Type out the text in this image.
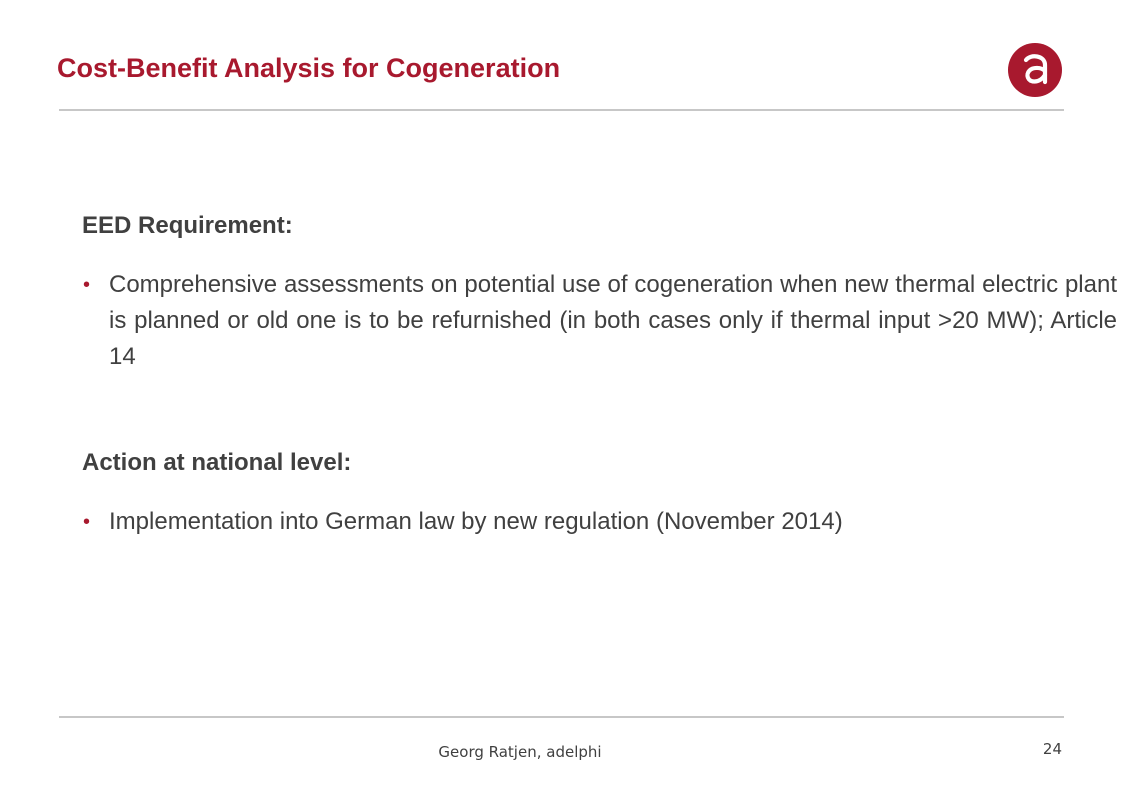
Cost-Benefit Analysis for Cogeneration
EED Requirement:
• Comprehensive assessments on potential use of cogeneration when new thermal electric plant is planned or old one is to be refurnished (in both cases only if thermal input >20 MW); Article 14
Action at national level:
• Implementation into German law by new regulation (November 2014)
Georg Ratjen, adelphi	24
